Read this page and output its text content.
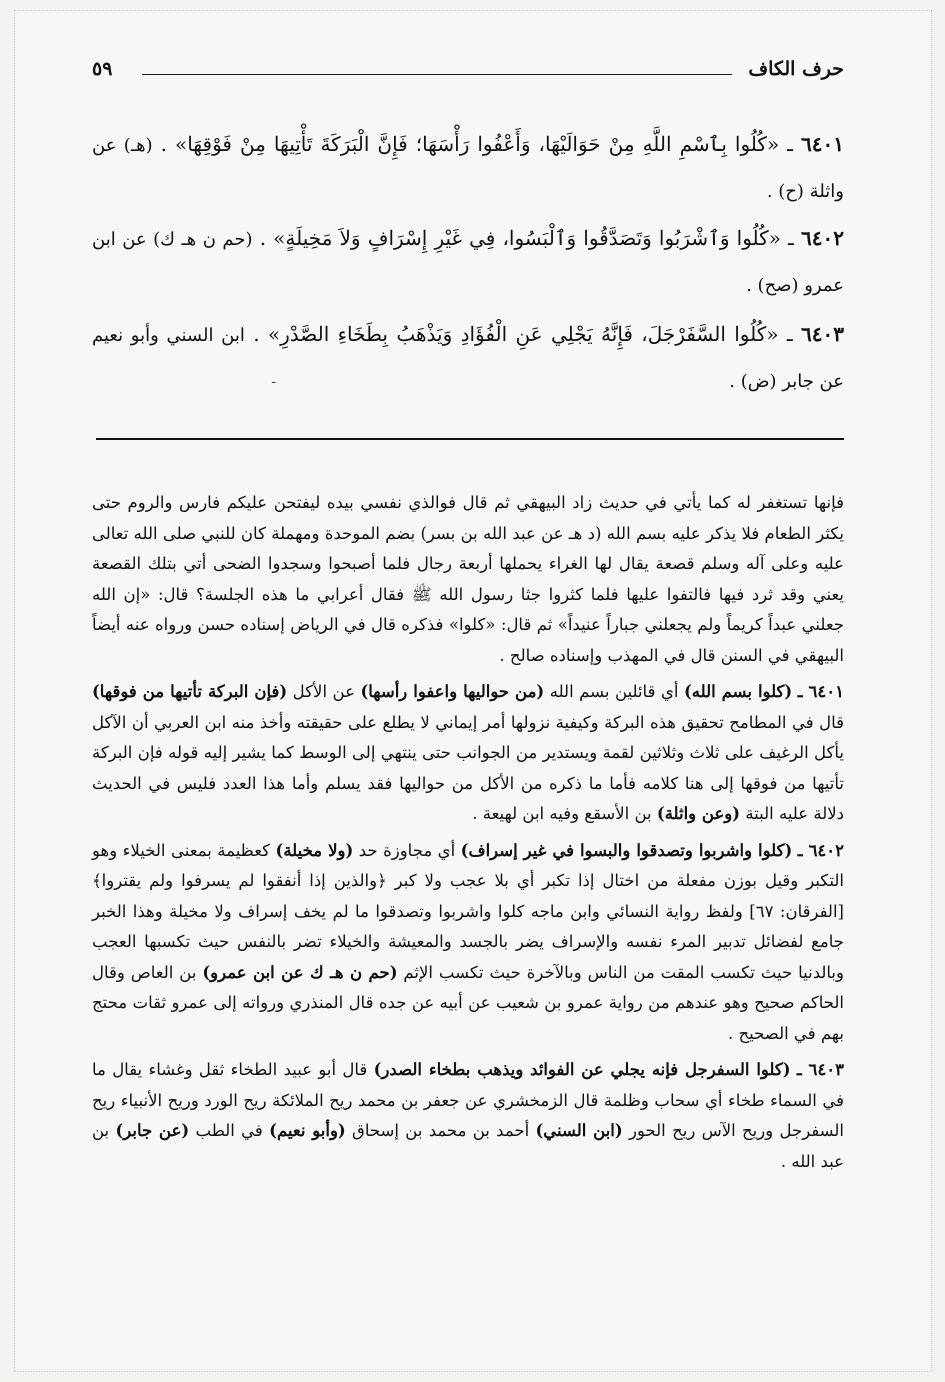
حرف الكاف
٥٩
٦٤٠١ ـ «كُلُوا بِٱسْمِ اللَّهِ مِنْ حَوَالَيْهَا، وَأَعْفُوا رَأْسَهَا؛ فَإِنَّ الْبَرَكَةَ تَأْتِيهَا مِنْ فَوْقِهَا» . (هـ) عن واثلة (ح) .
٦٤٠٢ ـ «كُلُوا وَٱشْرَبُوا وَتَصَدَّقُوا وَٱلْبَسُوا، فِي غَيْرِ إِسْرَافٍ وَلاَ مَخِيلَةٍ» . (حم ن هـ ك) عن ابن عمرو (صح) .
٦٤٠٣ ـ «كُلُوا السَّفَرْجَلَ، فَإِنَّهُ يَجْلِي عَنِ الْفُؤَادِ وَيَذْهَبُ بِطَخَاءِ الصَّدْرِ» . ابن السني وأبو نعيم عن جابر (ض) .
ـ

فإنها تستغفر له كما يأتي في حديث زاد البيهقي ثم قال فوالذي نفسي بيده ليفتحن عليكم فارس والروم حتى يكثر الطعام فلا يذكر عليه بسم الله (د هـ عن عبد الله بن بسر) بضم الموحدة ومهملة كان للنبي صلى الله تعالى عليه وعلى آله وسلم قصعة يقال لها الغراء يحملها أربعة رجال فلما أصبحوا وسجدوا الضحى أتي بتلك القصعة يعني وقد ثرد فيها فالتفوا عليها فلما كثروا جثا رسول الله ﷺ فقال أعرابي ما هذه الجلسة؟ قال: «إن الله جعلني عبداً كريماً ولم يجعلني جباراً عنيداً» ثم قال: «كلوا» فذكره قال في الرياض إسناده حسن ورواه عنه أيضاً البيهقي في السنن قال في المهذب وإسناده صالح .

٦٤٠١ ـ (كلوا بسم الله) أي قائلين بسم الله (من حواليها واعفوا رأسها) عن الأكل (فإن البركة تأتيها من فوقها) قال في المطامح تحقيق هذه البركة وكيفية نزولها أمر إيماني لا يطلع على حقيقته وأخذ منه ابن العربي أن الآكل يأكل الرغيف على ثلاث وثلاثين لقمة ويستدير من الجوانب حتى ينتهي إلى الوسط كما يشير إليه قوله فإن البركة تأتيها من فوقها إلى هنا كلامه فأما ما ذكره من الأكل من حواليها فقد يسلم وأما هذا العدد فليس في الحديث دلالة عليه البتة (وعن واثلة) بن الأسقع وفيه ابن لهيعة .

٦٤٠٢ ـ (كلوا واشربوا وتصدقوا والبسوا في غير إسراف) أي مجاوزة حد (ولا مخيلة) كعظيمة بمعنى الخيلاء وهو التكبر وقيل بوزن مفعلة من اختال إذا تكبر أي بلا عجب ولا كبر ﴿والذين إذا أنفقوا لم يسرفوا ولم يقتروا﴾ [الفرقان: ٦٧] ولفظ رواية النسائي وابن ماجه كلوا واشربوا وتصدقوا ما لم يخف إسراف ولا مخيلة وهذا الخبر جامع لفضائل تدبير المرء نفسه والإسراف يضر بالجسد والمعيشة والخيلاء تضر بالنفس حيث تكسبها العجب وبالدنيا حيث تكسب المقت من الناس وبالآخرة حيث تكسب الإثم (حم ن هـ ك عن ابن عمرو) بن العاص وقال الحاكم صحيح وهو عندهم من رواية عمرو بن شعيب عن أبيه عن جده قال المنذري ورواته إلى عمرو ثقات محتج بهم في الصحيح .

٦٤٠٣ ـ (كلوا السفرجل فإنه يجلي عن الفوائد ويذهب بطخاء الصدر) قال أبو عبيد الطخاء ثقل وغشاء يقال ما في السماء طخاء أي سحاب وظلمة قال الزمخشري عن جعفر بن محمد ريح الملائكة ريح الورد وريح الأنبياء ريح السفرجل وريح الآس ريح الحور (ابن السني) أحمد بن محمد بن إسحاق (وأبو نعيم) في الطب (عن جابر) بن عبد الله .
